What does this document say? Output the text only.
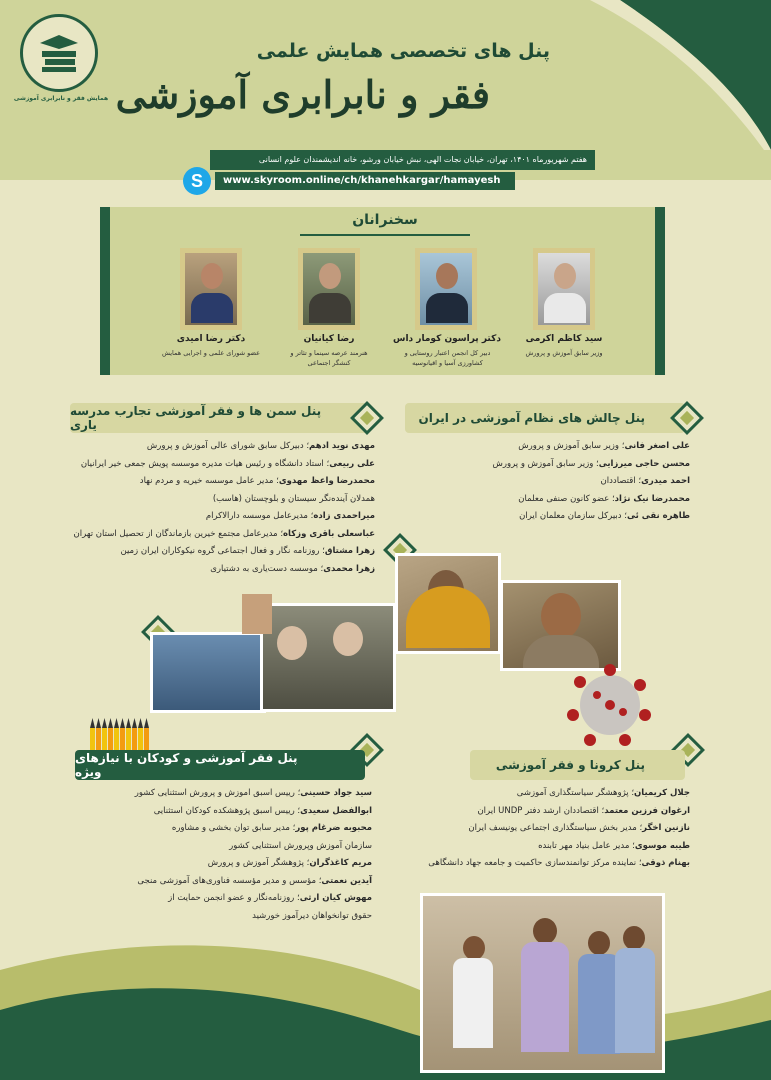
همایش فقر و نابرابری آموزشی
پنل های تخصصی همایش علمی
فقر و نابرابری آموزشی
هفتم شهریورماه ۱۴۰۱، تهران، خیابان نجات الهی، نبش خیابان ورشو، خانه اندیشمندان علوم انسانی
www.skyroom.online/ch/khanehkargar/hamayesh
S
سخنرانان
سید کاظم اکرمی
وزیر سابق آموزش و پرورش
دکتر پراسون کومار داس
دبیر کل انجمن اعتبار روستایی و کشاورزی آسیا و اقیانوسیه
رضا کیانیان
هنرمند عرصه سینما و تئاتر و کنشگر اجتماعی
دکتر رضا امیدی
عضو شورای علمی و اجرایی همایش
پنل چالش های نظام آموزشی در ایران
علی اصغر فانی؛ وزیر سابق آموزش و پرورش
محسن حاجی میرزایی؛ وزیر سابق آموزش و پرورش
احمد میدری؛ اقتصاددان
محمدرضا نیک نژاد؛ عضو کانون صنفی معلمان
طاهره نقی ئی؛ دبیرکل سازمان معلمان ایران
پنل سمن ها و فقر آموزشی تجارب مدرسه یاری
مهدی نوید ادهم؛ دبیرکل سابق شورای عالی آموزش و پرورش
علی ربیعی؛ استاد دانشگاه و رئیس هیات مدیره موسسه پویش جمعی خیر ایرانیان
محمدرضا واعظ مهدوی؛ مدیر عامل موسسه خیریه و مردم نهاد
همدلان آینده‌نگر سیستان و بلوچستان (هاسب)
میراحمدی زاده؛ مدیرعامل موسسه دارالاکرام
عباسعلی باقری وزکاه؛ مدیرعامل مجتمع خیرین بازماندگان از تحصیل استان تهران
زهرا مشتاق؛ روزنامه نگار و فعال اجتماعی گروه نیکوکاران ایران زمین
زهرا محمدی؛ موسسه دست‌یاری به دشتیاری
پنل کرونا و فقر آموزشی
جلال کریمیان؛ پژوهشگر سیاستگذاری آموزشی
ارغوان فرزین معتمد؛ اقتصاددان ارشد دفتر UNDP ایران
نازنین اخگر؛ مدیر بخش سیاستگذاری اجتماعی یونیسف ایران
طیبه موسوی؛ مدیر عامل بنیاد مهر تابنده
بهنام ذوقی؛ نماینده مرکز توانمندسازی حاکمیت و جامعه جهاد دانشگاهی
پنل فقر آموزشی و کودکان با نیازهای ویژه
سید جواد حسینی؛ رییس اسبق اموزش و پرورش استثنایی کشور
ابوالفضل سعیدی؛ رییس اسبق پژوهشکده کودکان استثنایی
محبوبه ضرغام پور؛ مدیر سابق توان بخشی و مشاوره
سازمان آموزش وپرورش استثنایی کشور
مریم کاغذگران؛ پژوهشگر آموزش و پرورش
آیدین نعمتی؛ مؤسس و مدیر مؤسسه فناوری‌های آموزشی منجی
مهوش کیان ارثی؛ روزنامه‌نگار و عضو انجمن حمایت از
حقوق توانخواهان دیرآموز خورشید
